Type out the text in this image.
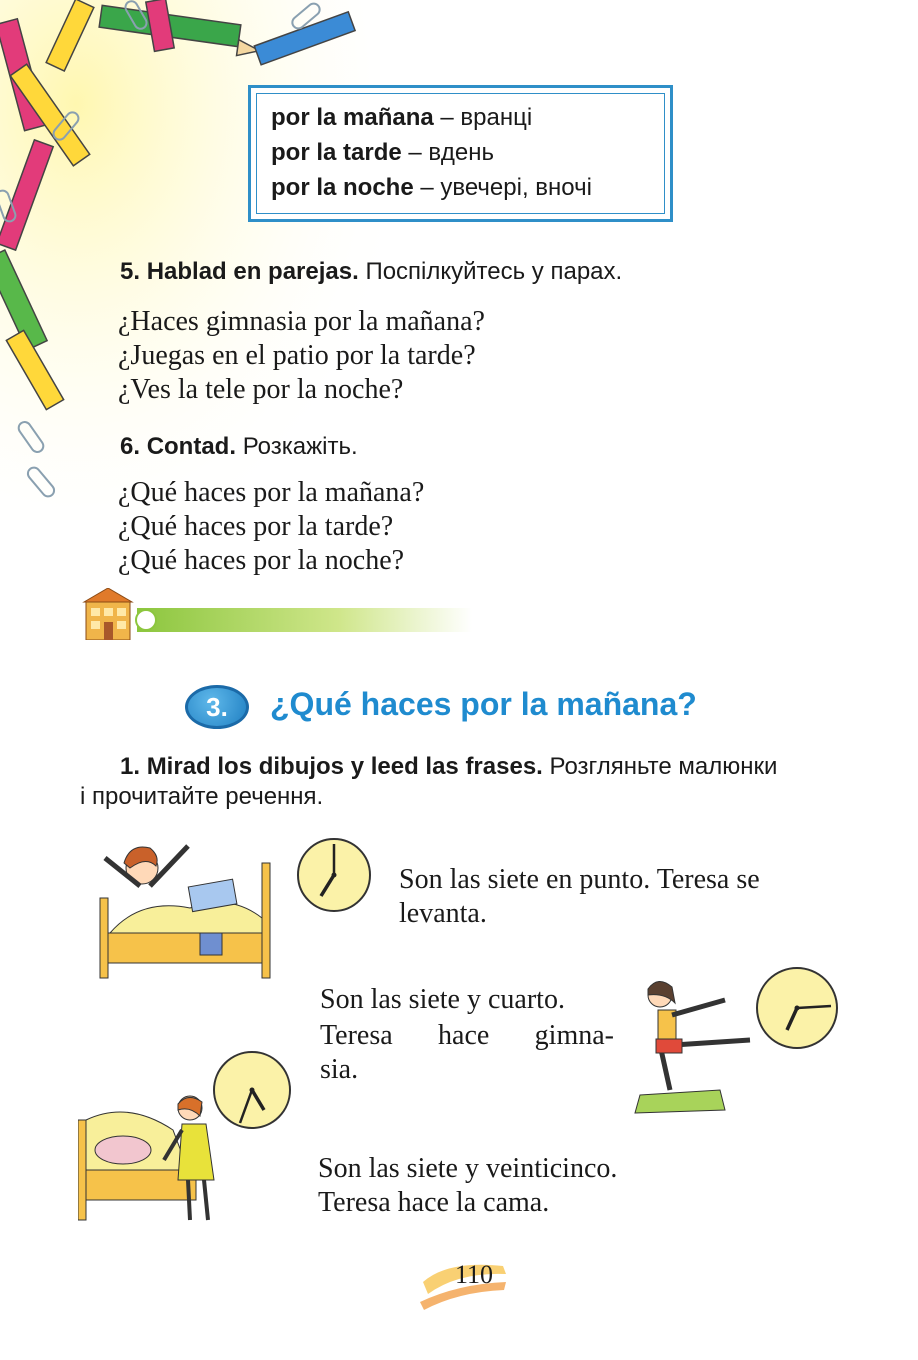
por la mañana – вранці
por la tarde – вдень
por la noche – увечері, вночі
5. Hablad en parejas. Поспілкуйтесь у парах.
¿Haces gimnasia por la mañana?
¿Juegas en el patio por la tarde?
¿Ves la tele por la noche?
6. Contad. Розкажіть.
¿Qué haces por la mañana?
¿Qué haces por la tarde?
¿Qué haces por la noche?
3.	¿Qué haces por la mañana?
1. Mirad los dibujos y leed las frases. Розгляньте малюнки
і прочитайте речення.
Son las siete en punto. Teresa se
levanta.
Son las siete y cuarto.
Teresa hace gimna-
sia.
Son las siete y veinticinco.
Teresa hace la cama.
110
